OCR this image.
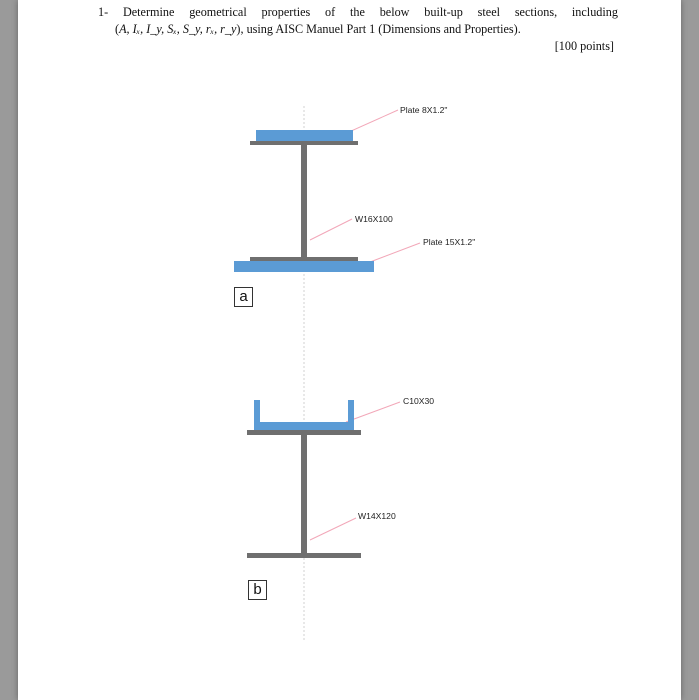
1- Determine geometrical properties of the below built-up steel sections, including
(A, Iₓ, I_y, Sₓ, S_y, rₓ, r_y), using AISC Manuel Part 1 (Dimensions and Properties).
[100 points]
Plate 8X1.2"
W16X100
Plate 15X1.2"
a
C10X30
W14X120
b
